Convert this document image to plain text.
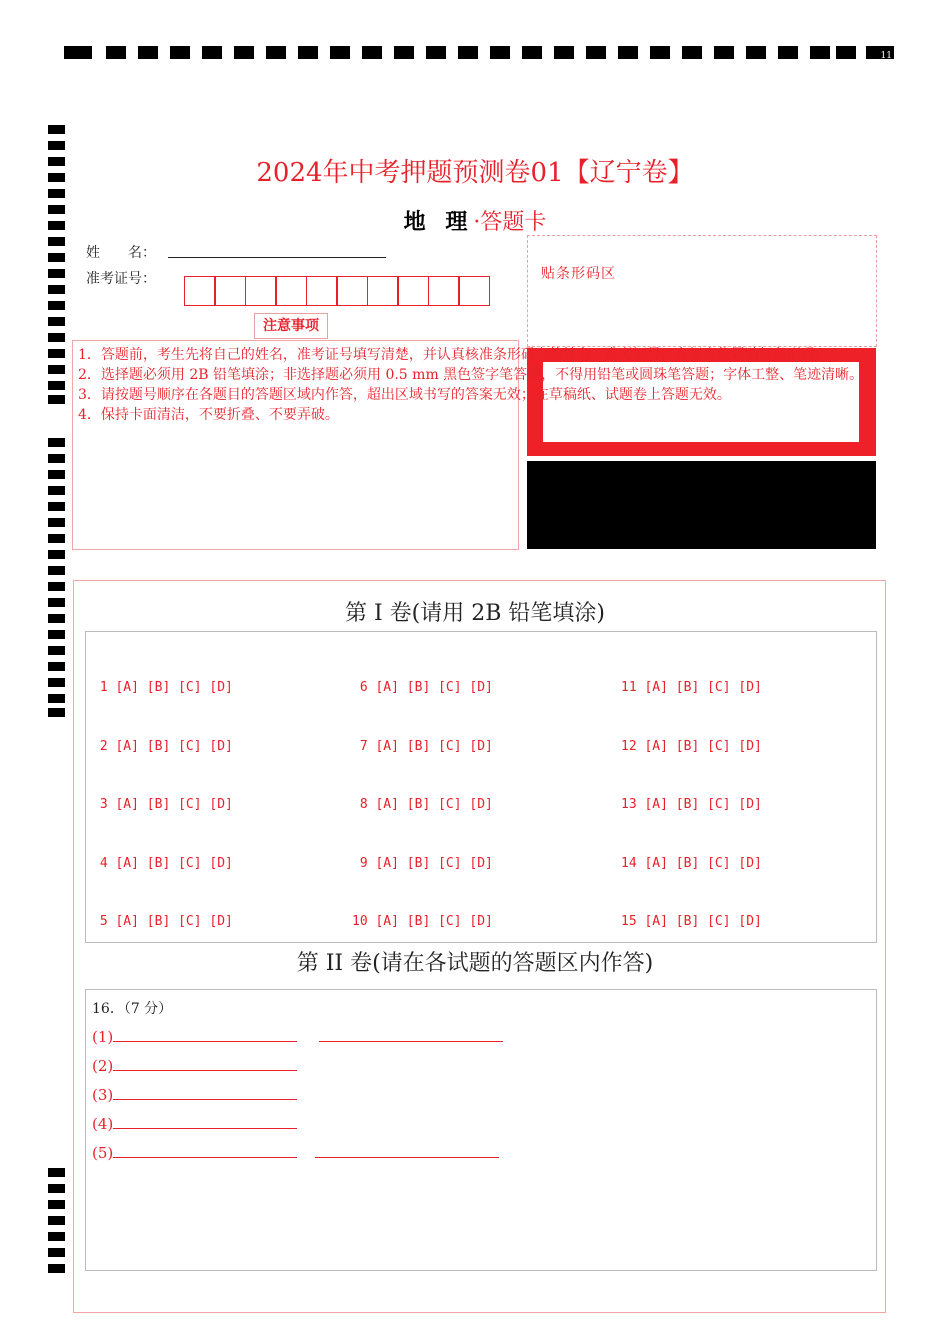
11
2024年中考押题预测卷01【辽宁卷】
地 理·答题卡
姓　　名：
准考证号：	贴条形码区
注意事项
1．答题前，考生先将自己的姓名，准考证号填写清楚，并认真核准条形码上的姓名、准考证号，在规定位置贴好条形码。
2．选择题必须用 2B 铅笔填涂；非选择题必须用 0.5 mm 黑色签字笔答题，不得用铅笔或圆珠笔答题；字体工整、笔迹清晰。
3．请按题号顺序在各题目的答题区域内作答，超出区域书写的答案无效；在草稿纸、试题卷上答题无效。
4．保持卡面清洁，不要折叠、不要弄破。
第 I 卷(请用 2B 铅笔填涂)

1 [A] [B] [C] [D]

2 [A] [B] [C] [D]

3 [A] [B] [C] [D]

4 [A] [B] [C] [D]

5 [A] [B] [C] [D]

6 [A] [B] [C] [D]

7 [A] [B] [C] [D]

8 [A] [B] [C] [D]

9 [A] [B] [C] [D]

10 [A] [B] [C] [D]

11 [A] [B] [C] [D]

12 [A] [B] [C] [D]

13 [A] [B] [C] [D]

14 [A] [B] [C] [D]

15 [A] [B] [C] [D]

第 II 卷(请在各试题的答题区内作答)
16．（7 分）
(1)
(2)
(3)
(4)
(5)
